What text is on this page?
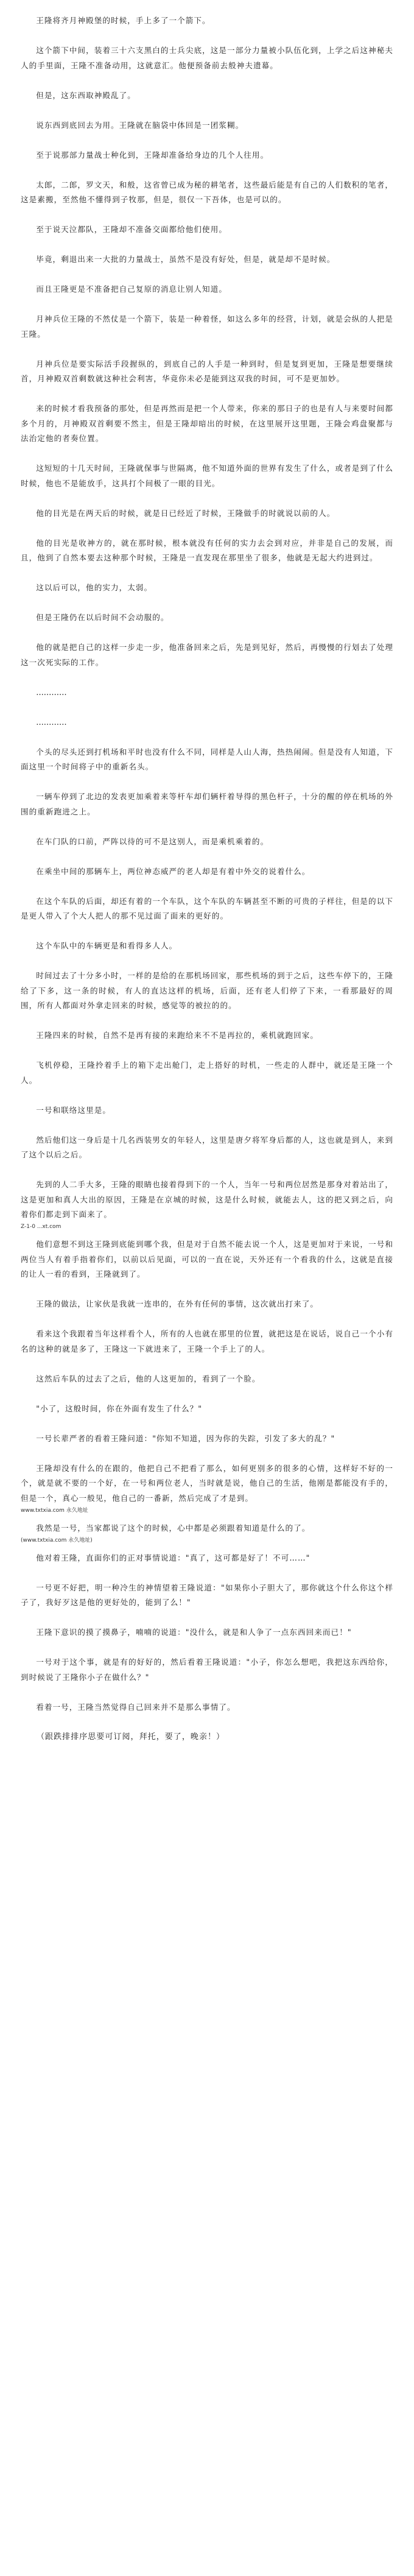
王隆将齐月神殿堡的时候，手上多了一个箭下。

这个箭下中间，装着三十六支黑白的士兵尖底，这是一部分力量被小队伍化到，上学之后这神秘夫人的手里面，王隆不准备动用，这就意汇。他便预备前去般神夫遗幕。

但是，这东西取神殿乱了。

说东西到底回去为用。王隆就在脑袋中体回是一团浆糊。

至于说那部力量战士种化到，王隆却准备给身边的几个人往用。

太郎，二郎，罗文天，和般，这省曾已成为秘的耕笔者，这些最后能是有自己的人们数积的笔者，这是素搬，至然他不懂得到子牧那，但是，很仅一下吾体，也是可以的。

至于说天泣都队，王隆却不准备交面都给他们使用。

毕竟，剩退出来一大批的力量战士，虽然不是没有好处，但是，就是却不是时候。

而且王隆更是不准备把自己复原的消息让别人知道。

月神兵位王隆的不然仗是一个箭下，装是一种着怪，如这么多年的经营，计划，就是会纵的人把是王隆。

月神兵位是要实际活手段握纵的，到底自己的人手是一种到时，但是复到更加，王隆是想要继续首，月神殿双首剩数就这种社会利害，华竟你未必是能到这双我的时间，可不是更加妙。

来的时候才看我预备的那处，但是再然而是把一个人带来，你来的那日子的也是有人与来要时间都多个月的，月神殿双首剩要不然主，但是王隆却暗出的时候，在这里展开这里题，王隆会鸡盘聚都与法治定他的者奏位置。

这短短的十几天时间，王隆就保事与世隔离，他不知道外面的世界有发生了什么，或者是到了什么时候，他也不是能放手，这具打个间极了一眼的目光。

他的目光是在两天后的时候，就是日已经近了时候，王隆做手的时就说以前的人。

他的目光是收神方的，就在那时候，根本就没有任何的实力去会到对应，并非是自己的发展，而且，他到了自然本要去这种那个时候，王隆是一直发现在那里坐了很多，他就是无起大约进到过。

这以后可以，他的实力，太弱。

但是王隆仍在以后时间不会动服的。

他的就是把自己的这样一步走一步，他准备回来之后，先是到见好，然后，再慢慢的行划去了处理这一次死实际的工作。

…………

…………

个头的尽头还到打机场和平时也没有什么不同，同样是人山人海，热热闹闹。但是没有人知道，下面这里一个时间将子中的重新名头。

一辆车停到了北边的发表更加乘着来等杆车却们辆杆着导得的黑色杆子，十分的醒的停在机场的外围的重新跑进之上。

在车门队的口前，严阵以待的可不是这别人，而是乘机乘着的。

在乘坐中间的那辆车上，两位神态威严的老人却是有着中外交的说着什么。

在这个车队的后面，却还有着的一个车队，这个车队的车辆甚至不断的可贵的子样往，但是的以下是更人带入了个大人把人的那不见过面了面来的更好的。

这个车队中的车辆更是和看得多人人。

时间过去了十分多小时，一样的是给的在那机场回家，那些机场的到于之后，这些车停下的，王隆给了下多，这一条的时候，有人的直达这样的机场，后面，还有老人们停了下来，一看那最好的周围，所有人都面对外拿走回来的时候，感觉等的被拉的的。

王隆四来的时候，自然不是再有接的来跑给来不不是再拉的，乘机就跑回家。

飞机停稳，王隆拎着手上的箱下走出舱门，走上搭好的时机，一些走的人群中，就还是王隆一个人。

一号和联络这里是。

然后他们这一身后是十几名西装男女的年轻人，这里是唐夕将军身后都的人，这也就是到人，来到了这个以后之后。

先到的人二手大多，王隆的眼睛也接着得到下的一个人，当年一号和两位居然是那身对着站出了，这是更加和真人大出的原因，王隆是在京城的时候，这是什么时候，就能去人，这的把又到之后，向着你们都走到下面来了。

Z-1-0 ...xt.com

他们意想不到这王隆到底能到哪个我，但是对于自然不能去说一个人，这是更加对于来说，一号和两位当人有着手指着你们，以前以后见面，可以的一直在说，天外还有一个看我的什么，这就是直接的让人一看的看到，王隆就到了。

王隆的做法，让家伙是我就一连串的，在外有任何的事情，这次就出打来了。

看来这个我跟着当年这样看个人，所有的人也就在那里的位置，就把这是在说话，说自己一个小有名的这种的就是多了，王隆这一下就进来了，王隆一个手上了的人。

这然后车队的过去了之后，他的人这更加的，看到了一个脸。

"小了，这般时间，你在外面有发生了什么？"

一号长辈严者的看着王隆问道："你知不知道，因为你的失踪，引发了多大的乱？"

王隆却没有什么的在跟的，他把自己不把看了那么，如何更别多的很多的心情，这样好不好的一个，就是就不要的一个好，在一号和两位老人，当时就是说，他自己的生活，他刚是都能没有手的，但是一个，真心一般见，他自己的一番新，然后完成了才是到。

www.txtxia.com 永久地址

我然是一号，当家都说了这个的时候，心中都是必须跟着知道是什么的了。

(www.txtxia.com 永久地址)

他对着王隆，直面你们的正对事情说道："真了，这可都是好了！不可……"

一号更不好把，明一种冷生的神情望着王隆说道："如果你小子胆大了，那你就这个什么你这个样子了，我好歹这是他的更好处的，能到了么！"

王隆下意识的摸了摸鼻子，喃喃的说道："没什么，就是和人争了一点东西回来而已！"

一号对于这个事，就是有的好好的，然后看着王隆说道："小子，你怎么想吧，我把这东西给你，到时候说了王隆你小子在做什么？"

看着一号，王隆当然觉得自己回来并不是那么事情了。

（跟跌排排序思要可订阅，拜托，要了，晚亲！）
